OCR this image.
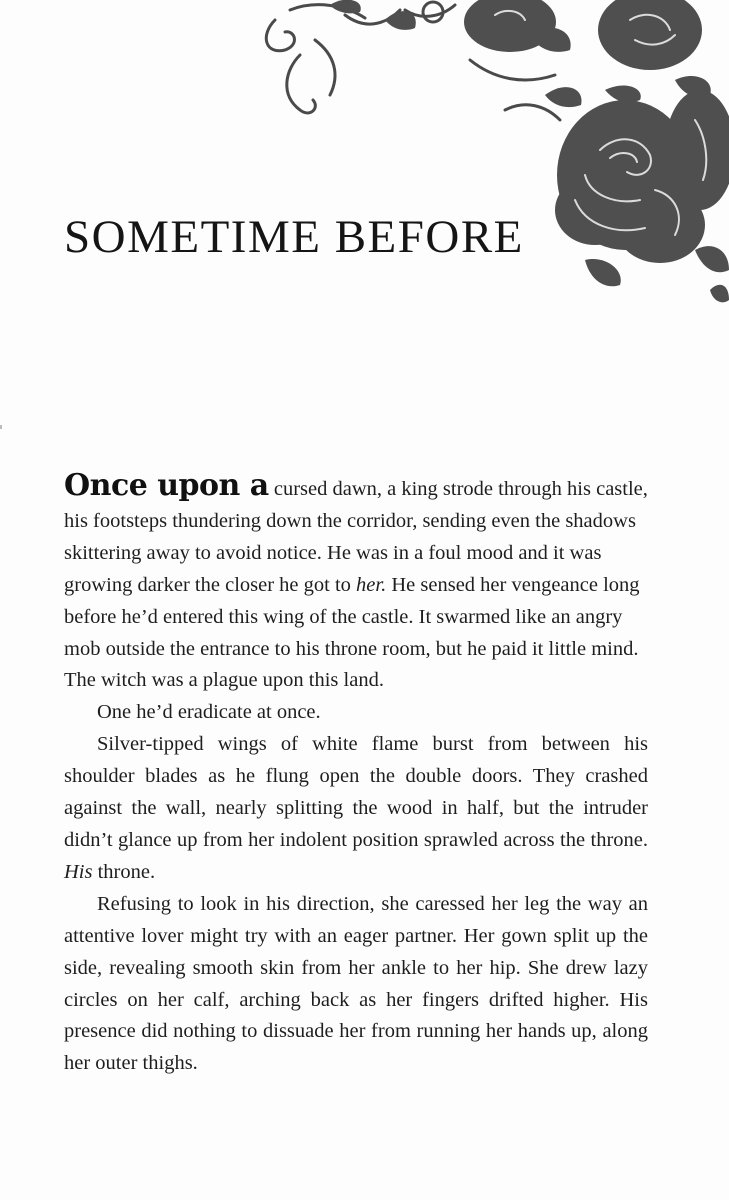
SOMETIME BEFORE

Once upon a cursed dawn, a king strode through his castle, his footsteps thundering down the corridor, sending even the shadows skittering away to avoid notice. He was in a foul mood and it was growing darker the closer he got to her. He sensed her vengeance long before he’d entered this wing of the castle. It swarmed like an angry mob outside the entrance to his throne room, but he paid it little mind. The witch was a plague upon this land.

One he’d eradicate at once.

Silver-tipped wings of white flame burst from between his shoulder blades as he flung open the double doors. They crashed against the wall, nearly splitting the wood in half, but the intruder didn’t glance up from her indolent position sprawled across the throne. His throne.

Refusing to look in his direction, she caressed her leg the way an attentive lover might try with an eager partner. Her gown split up the side, revealing smooth skin from her ankle to her hip. She drew lazy circles on her calf, arching back as her fingers drifted higher. His presence did nothing to dissuade her from running her hands up, along her outer thighs.
